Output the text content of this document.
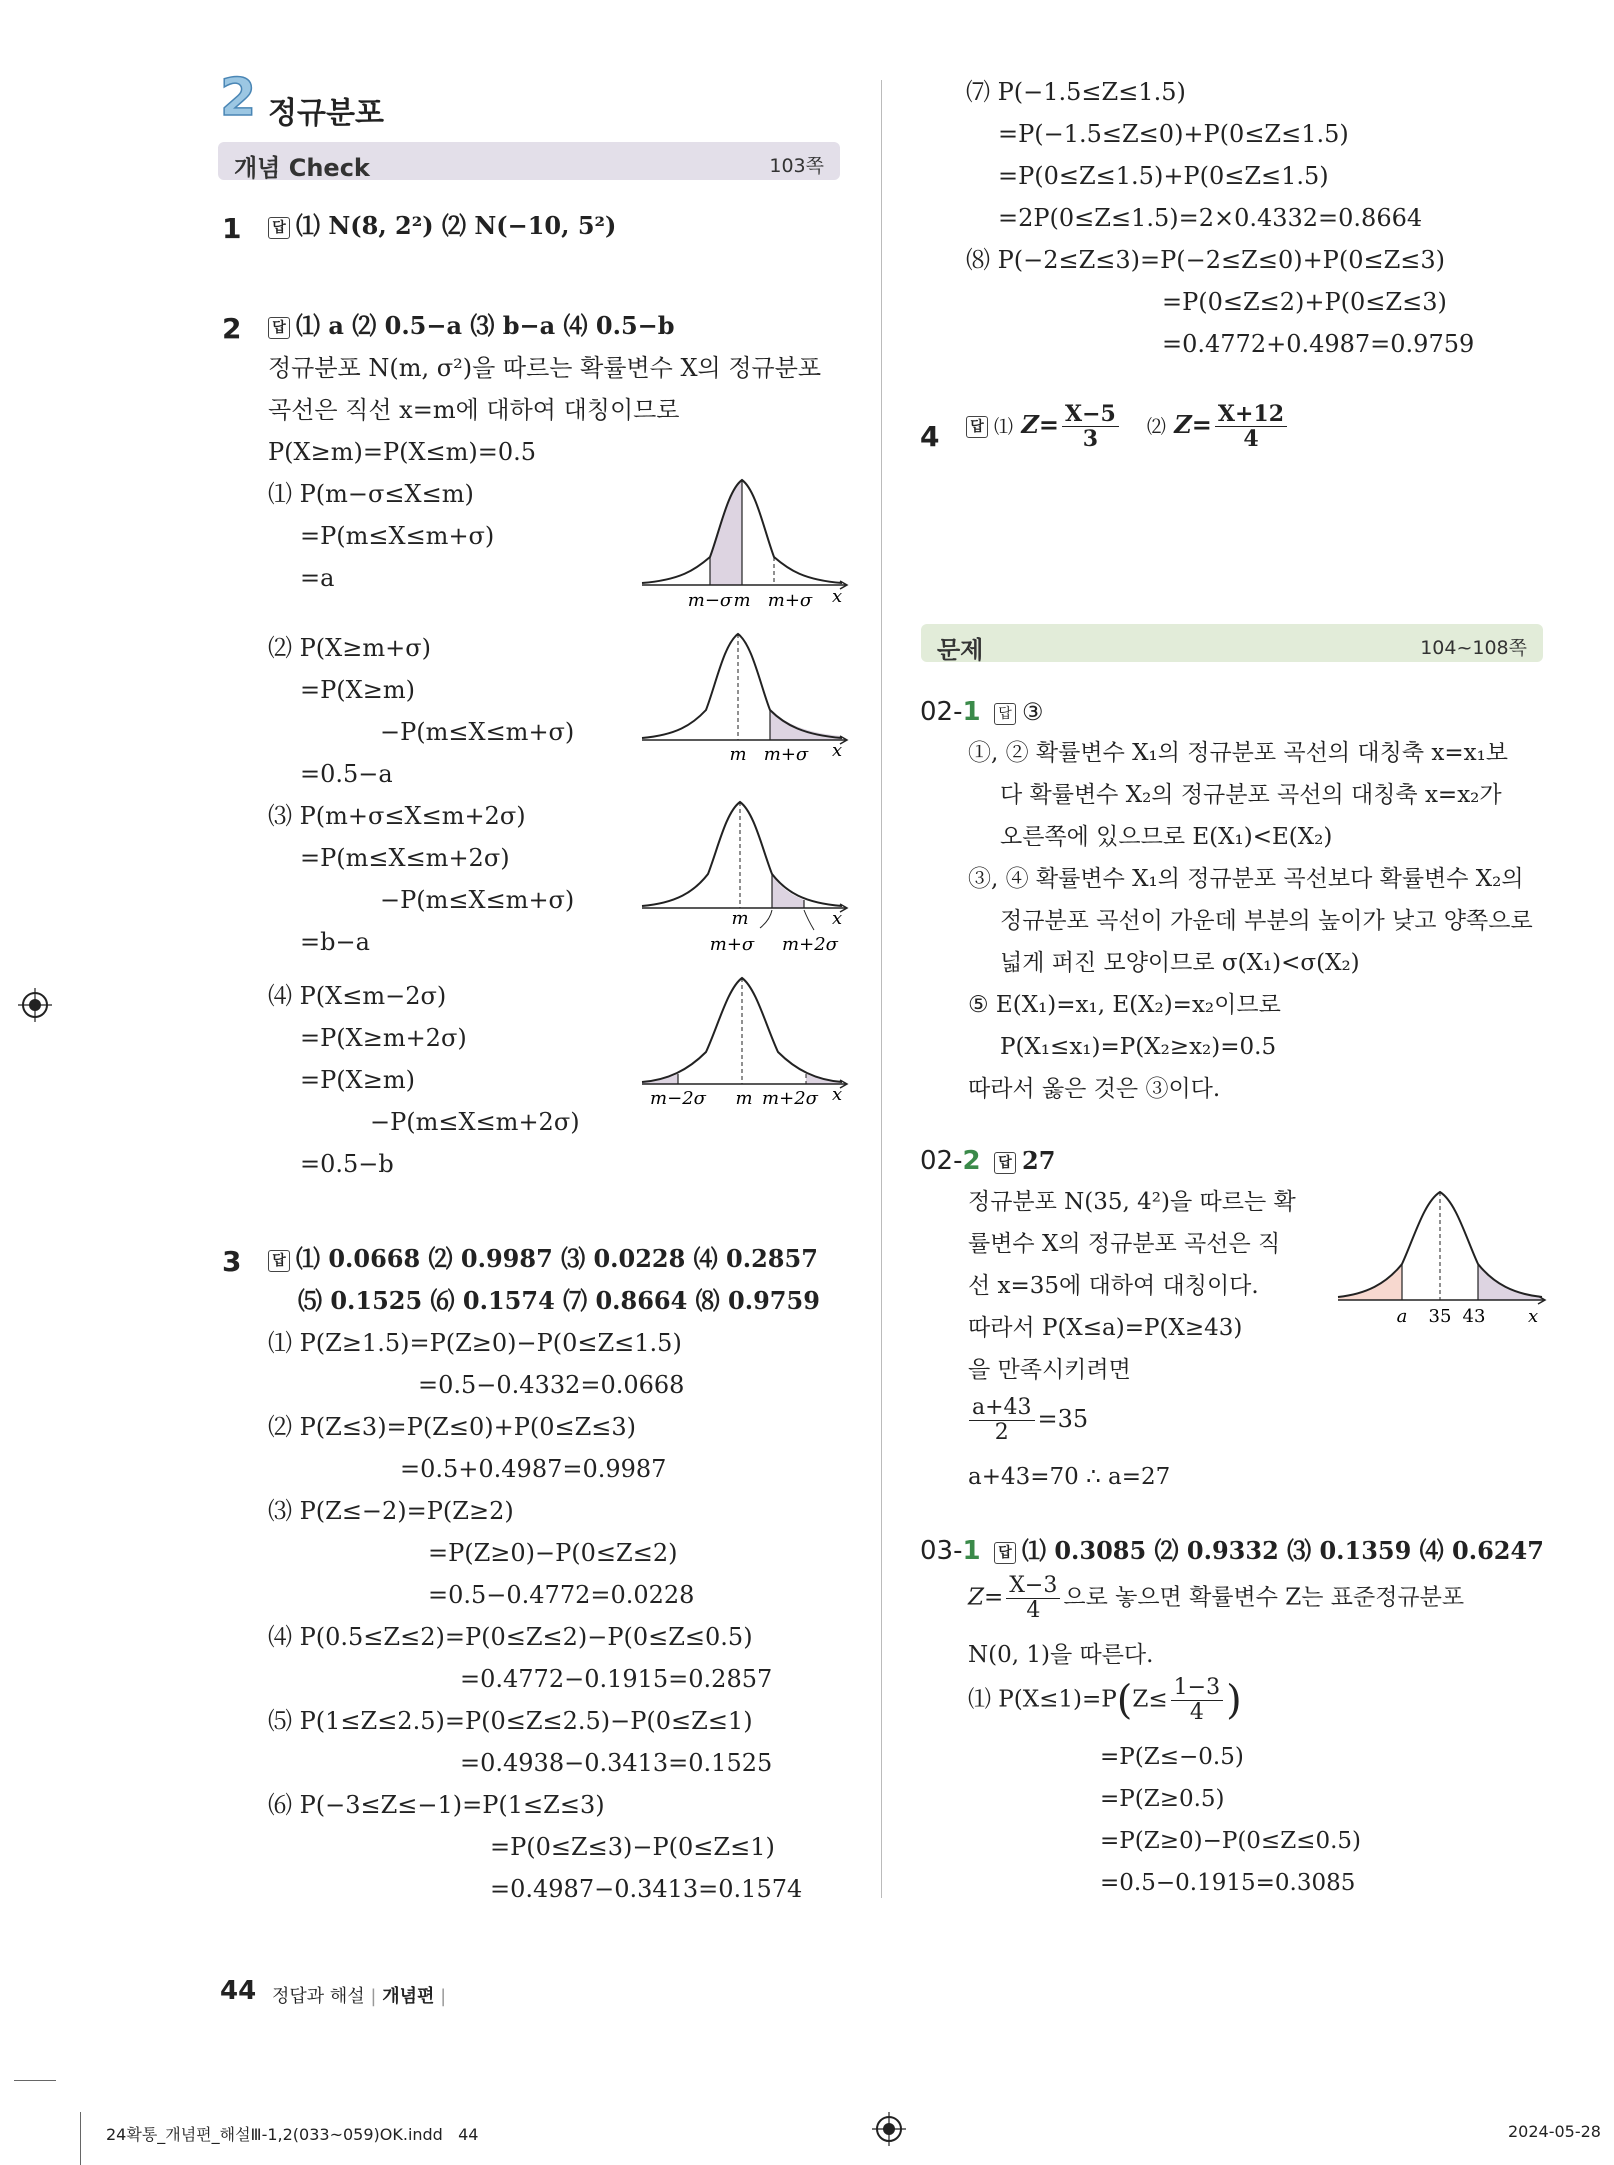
2 정규분포
개념 Check	103쪽
1	답 ⑴ N(8, 2²) ⑵ N(−10, 5²)
2	답 ⑴ a ⑵ 0.5−a ⑶ b−a ⑷ 0.5−b
정규분포 N(m, σ²)을 따르는 확률변수 X의 정규분포
곡선은 직선 x=m에 대하여 대칭이므로
P(X≥m)=P(X≤m)=0.5
⑴ P(m−σ≤X≤m)
=P(m≤X≤m+σ)
=a
⑵ P(X≥m+σ)
=P(X≥m)
−P(m≤X≤m+σ)
=0.5−a
⑶ P(m+σ≤X≤m+2σ)
=P(m≤X≤m+2σ)
−P(m≤X≤m+σ)
=b−a
⑷ P(X≤m−2σ)
=P(X≥m+2σ)
=P(X≥m)
−P(m≤X≤m+2σ)
=0.5−b
m−σ m m+σ x
m m+σ x
m
m+σ m+2σ
x
m−2σ m m+2σ x
3	답 ⑴ 0.0668 ⑵ 0.9987 ⑶ 0.0228 ⑷ 0.2857
⑸ 0.1525 ⑹ 0.1574 ⑺ 0.8664 ⑻ 0.9759
⑴ P(Z≥1.5)=P(Z≥0)−P(0≤Z≤1.5)
=0.5−0.4332=0.0668
⑵ P(Z≤3)=P(Z≤0)+P(0≤Z≤3)
=0.5+0.4987=0.9987
⑶ P(Z≤−2)=P(Z≥2)
=P(Z≥0)−P(0≤Z≤2)
=0.5−0.4772=0.0228
⑷ P(0.5≤Z≤2)=P(0≤Z≤2)−P(0≤Z≤0.5)
=0.4772−0.1915=0.2857
⑸ P(1≤Z≤2.5)=P(0≤Z≤2.5)−P(0≤Z≤1)
=0.4938−0.3413=0.1525
⑹ P(−3≤Z≤−1)=P(1≤Z≤3)
=P(0≤Z≤3)−P(0≤Z≤1)
=0.4987−0.3413=0.1574
⑺ P(−1.5≤Z≤1.5)
=P(−1.5≤Z≤0)+P(0≤Z≤1.5)
=P(0≤Z≤1.5)+P(0≤Z≤1.5)
=2P(0≤Z≤1.5)=2×0.4332=0.8664
⑻ P(−2≤Z≤3)=P(−2≤Z≤0)+P(0≤Z≤3)
=P(0≤Z≤2)+P(0≤Z≤3)
=0.4772+0.4987=0.9759
4	답 ⑴ $Z= \frac{X-5}{3}$ ⑵ $Z= \frac{X+12}{4}$
문제	104~108쪽
02-1	답 ③
①, ② 확률변수 X₁의 정규분포 곡선의 대칭축 x=x₁보
다 확률변수 X₂의 정규분포 곡선의 대칭축 x=x₂가
오른쪽에 있으므로 E(X₁)<E(X₂)
③, ④ 확률변수 X₁의 정규분포 곡선보다 확률변수 X₂의
정규분포 곡선이 가운데 부분의 높이가 낮고 양쪽으로
넓게 퍼진 모양이므로 σ(X₁)<σ(X₂)
⑤ E(X₁)=x₁, E(X₂)=x₂이므로
P(X₁≤x₁)=P(X₂≥x₂)=0.5
따라서 옳은 것은 ③이다.
02-2	답 27
정규분포 N(35, 4²)을 따르는 확
률변수 X의 정규분포 곡선은 직
선 x=35에 대하여 대칭이다.
따라서 P(X≤a)=P(X≥43)
을 만족시키려면
$\frac{a+43}{2} =35$
a+43=70 ∴ a=27
a 35 43 x
03-1	답 ⑴ 0.3085 ⑵ 0.9332 ⑶ 0.1359 ⑷ 0.6247
$Z= \frac{X-3}{4}$ 으로 놓으면 확률변수 Z는 표준정규분포
N(0, 1)을 따른다.
⑴ $P(X\le 1)=P(Z\le \frac{1-3}{4}$ )
=P(Z≤−0.5)
=P(Z≥0.5)
=P(Z≥0)−P(0≤Z≤0.5)
=0.5−0.1915=0.3085
44 정답과 해설 | 개념편 |
24확통_개념편_해설Ⅲ-1,2(033~059)OK.indd   44	2024-05-28
